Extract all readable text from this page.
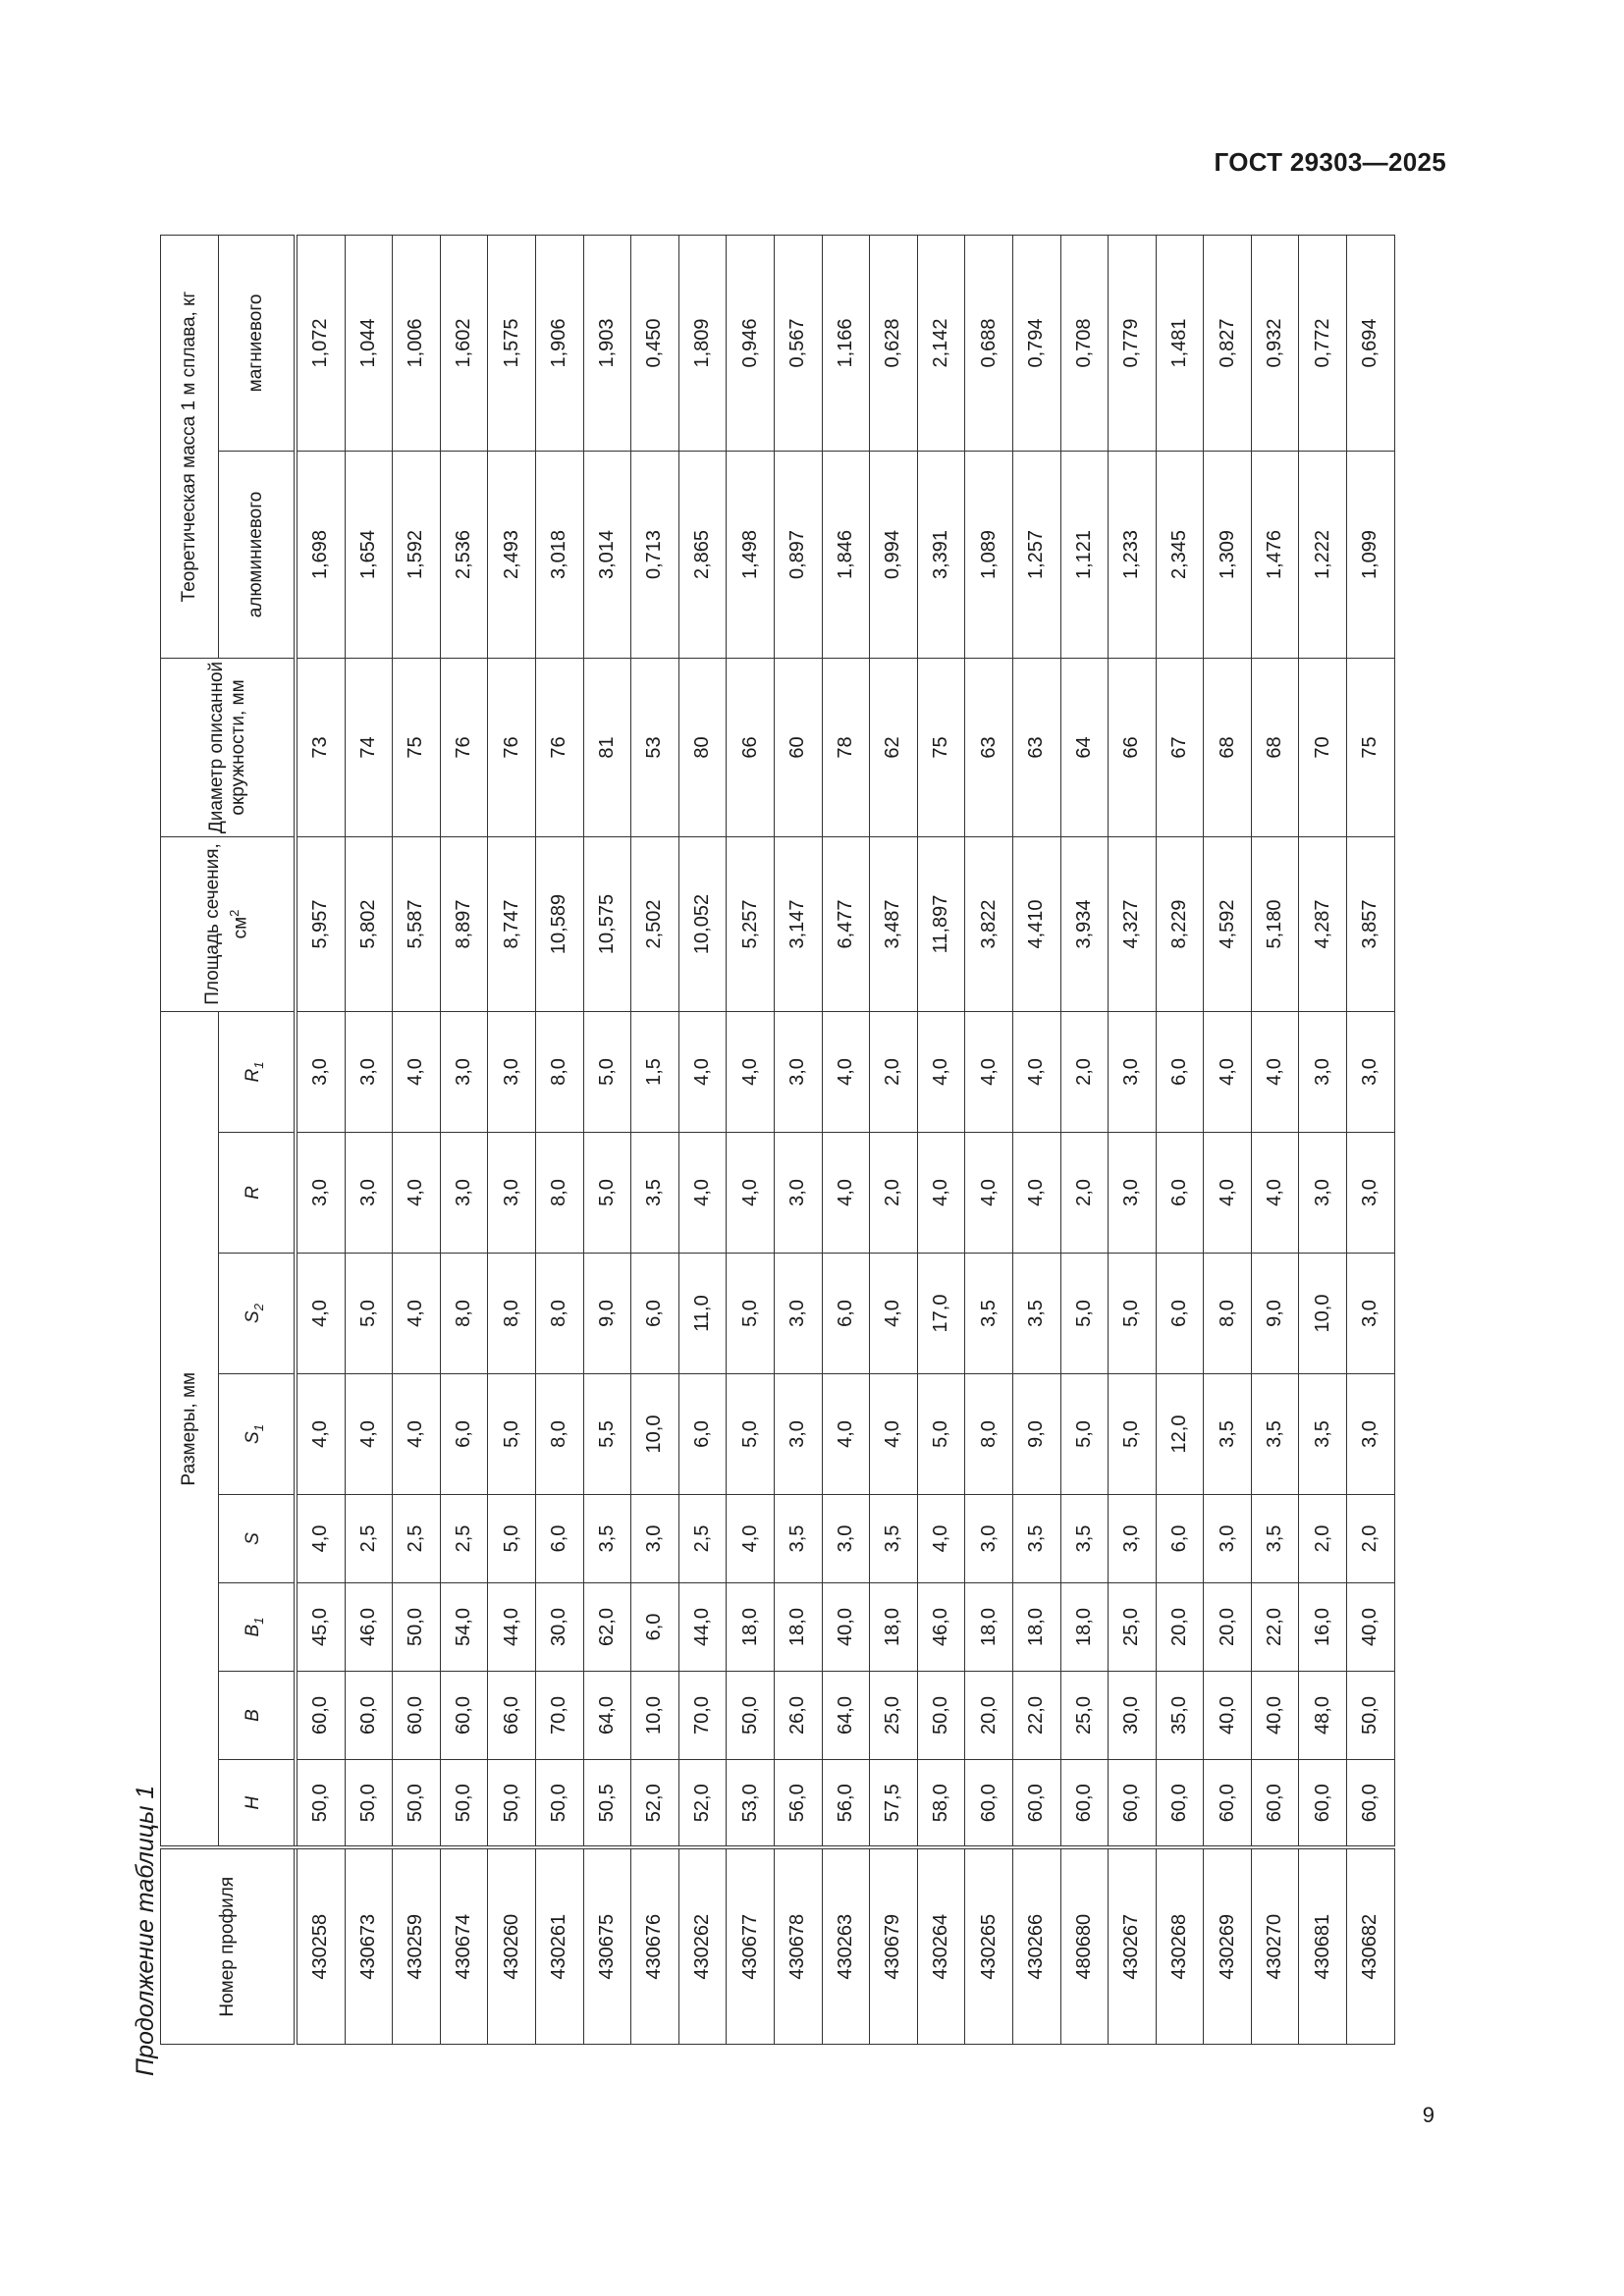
ГОСТ 29303—2025
Продолжение таблицы 1
9
Номер профиля	Размеры, мм								Площадь сечения, $см^2$	Диаметр описанной окружности, мм	Теоретическая масса 1 м сплава, кг	
	H	B	$B_1$	S	$S_1$	$S_2$	R	$R_1$			алюминиевого	магниевого
430258	50,0	60,0	45,0	4,0	4,0	4,0	3,0	3,0	5,957	73	1,698	1,072
430673	50,0	60,0	46,0	2,5	4,0	5,0	3,0	3,0	5,802	74	1,654	1,044
430259	50,0	60,0	50,0	2,5	4,0	4,0	4,0	4,0	5,587	75	1,592	1,006
430674	50,0	60,0	54,0	2,5	6,0	8,0	3,0	3,0	8,897	76	2,536	1,602
430260	50,0	66,0	44,0	5,0	5,0	8,0	3,0	3,0	8,747	76	2,493	1,575
430261	50,0	70,0	30,0	6,0	8,0	8,0	8,0	8,0	10,589	76	3,018	1,906
430675	50,5	64,0	62,0	3,5	5,5	9,0	5,0	5,0	10,575	81	3,014	1,903
430676	52,0	10,0	6,0	3,0	10,0	6,0	3,5	1,5	2,502	53	0,713	0,450
430262	52,0	70,0	44,0	2,5	6,0	11,0	4,0	4,0	10,052	80	2,865	1,809
430677	53,0	50,0	18,0	4,0	5,0	5,0	4,0	4,0	5,257	66	1,498	0,946
430678	56,0	26,0	18,0	3,5	3,0	3,0	3,0	3,0	3,147	60	0,897	0,567
430263	56,0	64,0	40,0	3,0	4,0	6,0	4,0	4,0	6,477	78	1,846	1,166
430679	57,5	25,0	18,0	3,5	4,0	4,0	2,0	2,0	3,487	62	0,994	0,628
430264	58,0	50,0	46,0	4,0	5,0	17,0	4,0	4,0	11,897	75	3,391	2,142
430265	60,0	20,0	18,0	3,0	8,0	3,5	4,0	4,0	3,822	63	1,089	0,688
430266	60,0	22,0	18,0	3,5	9,0	3,5	4,0	4,0	4,410	63	1,257	0,794
480680	60,0	25,0	18,0	3,5	5,0	5,0	2,0	2,0	3,934	64	1,121	0,708
430267	60,0	30,0	25,0	3,0	5,0	5,0	3,0	3,0	4,327	66	1,233	0,779
430268	60,0	35,0	20,0	6,0	12,0	6,0	6,0	6,0	8,229	67	2,345	1,481
430269	60,0	40,0	20,0	3,0	3,5	8,0	4,0	4,0	4,592	68	1,309	0,827
430270	60,0	40,0	22,0	3,5	3,5	9,0	4,0	4,0	5,180	68	1,476	0,932
430681	60,0	48,0	16,0	2,0	3,5	10,0	3,0	3,0	4,287	70	1,222	0,772
430682	60,0	50,0	40,0	2,0	3,0	3,0	3,0	3,0	3,857	75	1,099	0,694
